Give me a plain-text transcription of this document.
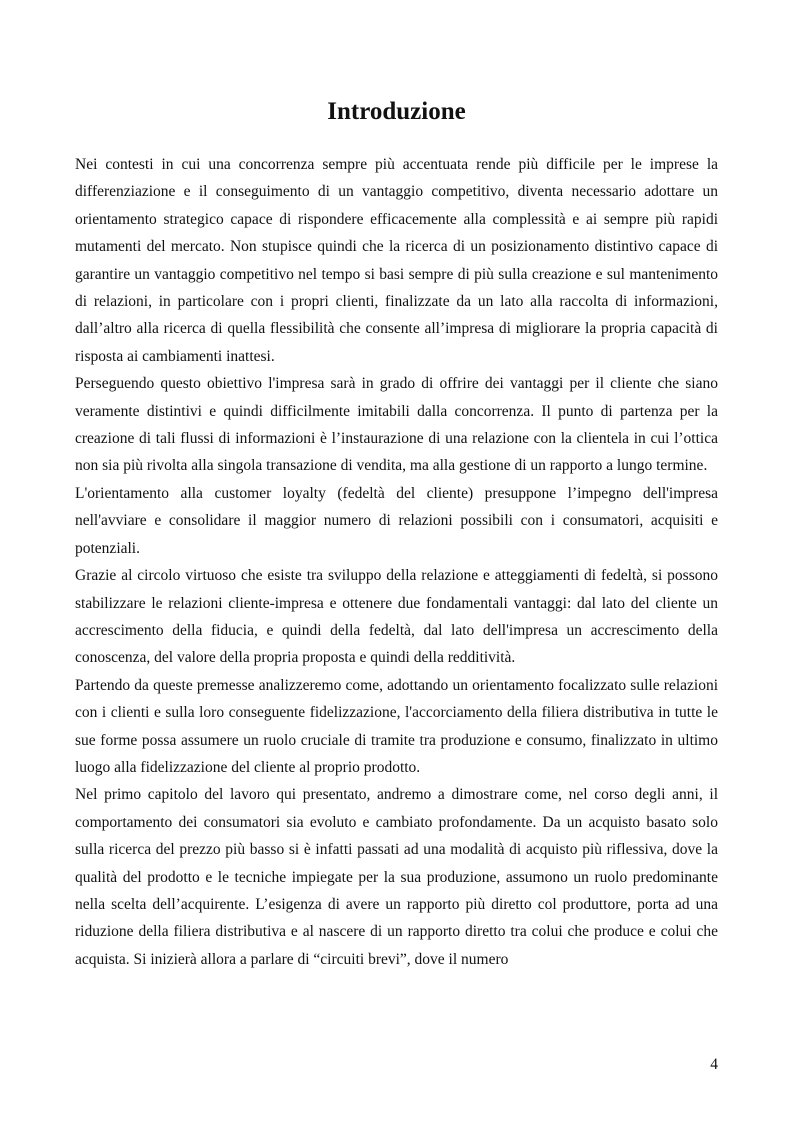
Introduzione

Nei contesti in cui una concorrenza sempre più accentuata rende più difficile per le imprese la differenziazione e il conseguimento di un vantaggio competitivo, diventa necessario adottare un orientamento strategico capace di rispondere efficacemente alla complessità e ai sempre più rapidi mutamenti del mercato. Non stupisce quindi che la ricerca di un posizionamento distintivo capace di garantire un vantaggio competitivo nel tempo si basi sempre di più sulla creazione e sul mantenimento di relazioni, in particolare con i propri clienti, finalizzate da un lato alla raccolta di informazioni, dall’altro alla ricerca di quella flessibilità che consente all’impresa di migliorare la propria capacità di risposta ai cambiamenti inattesi.

Perseguendo questo obiettivo l'impresa sarà in grado di offrire dei vantaggi per il cliente che siano veramente distintivi e quindi difficilmente imitabili dalla concorrenza. Il punto di partenza per la creazione di tali flussi di informazioni è l’instaurazione di una relazione con la clientela in cui l’ottica non sia più rivolta alla singola transazione di vendita, ma alla gestione di un rapporto a lungo termine.

L'orientamento alla customer loyalty (fedeltà del cliente) presuppone l’impegno dell'impresa nell'avviare e consolidare il maggior numero di relazioni possibili con i consumatori, acquisiti e potenziali.

Grazie al circolo virtuoso che esiste tra sviluppo della relazione e atteggiamenti di fedeltà, si possono stabilizzare le relazioni cliente-impresa e ottenere due fondamentali vantaggi: dal lato del cliente un accrescimento della fiducia, e quindi della fedeltà, dal lato dell'impresa un accrescimento della conoscenza, del valore della propria proposta e quindi della redditività.

Partendo da queste premesse analizzeremo come, adottando un orientamento focalizzato sulle relazioni con i clienti e sulla loro conseguente fidelizzazione, l'accorciamento della filiera distributiva in tutte le sue forme possa assumere un ruolo cruciale di tramite tra produzione e consumo, finalizzato in ultimo luogo alla fidelizzazione del cliente al proprio prodotto.

Nel primo capitolo del lavoro qui presentato, andremo a dimostrare come, nel corso degli anni, il comportamento dei consumatori sia evoluto e cambiato profondamente. Da un acquisto basato solo sulla ricerca del prezzo più basso si è infatti passati ad una modalità di acquisto più riflessiva, dove la qualità del prodotto e le tecniche impiegate per la sua produzione, assumono un ruolo predominante nella scelta dell’acquirente. L’esigenza di avere un rapporto più diretto col produttore, porta ad una riduzione della filiera distributiva e al nascere di un rapporto diretto tra colui che produce e colui che acquista. Si inizierà allora a parlare di “circuiti brevi”, dove il numero

4
